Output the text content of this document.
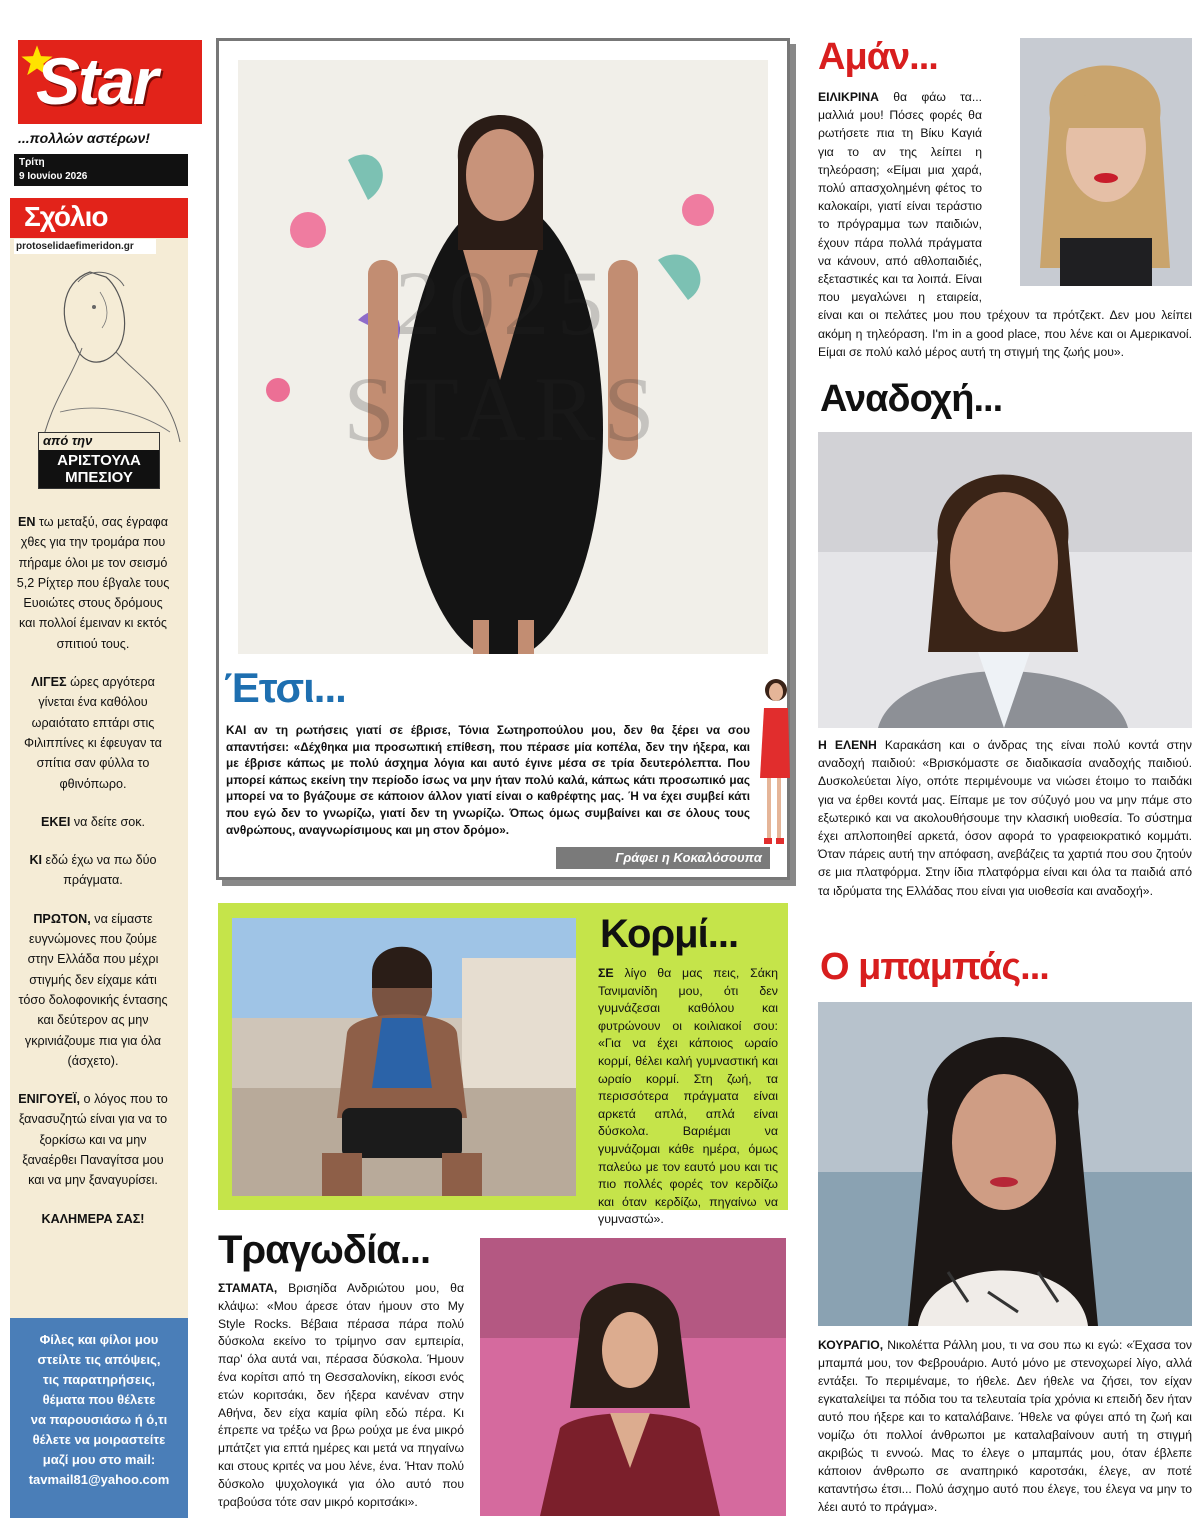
Star
...πολλών αστέρων!
Τρίτη
9 Ιουνίου 2026
Σχόλιο
protoselidaefimeridon.gr
από την
ΑΡΙΣΤΟΥΛΑ
ΜΠΕΣΙΟΥ

ΕΝ τω μεταξύ, σας έγραφα χθες για την τρομάρα που πήραμε όλοι με τον σεισμό 5,2 Ρίχτερ που έβγαλε τους Ευοιώτες στους δρόμους και πολλοί έμειναν κι εκτός σπιτιού τους.

ΛΙΓΕΣ ώρες αργότερα γίνεται ένα καθόλου ωραιότατο επτάρι στις Φιλιππίνες κι έφευγαν τα σπίτια σαν φύλλα το φθινόπωρο.

ΕΚΕΙ να δείτε σοκ.

ΚΙ εδώ έχω να πω δύο πράγματα.

ΠΡΩΤΟΝ, να είμαστε ευγνώμονες που ζούμε στην Ελλάδα που μέχρι στιγμής δεν είχαμε κάτι τόσο δολοφονικής έντασης και δεύτερον ας μην γκρινιάζουμε πια για όλα (άσχετο).

ΕΝΙΓΟΥΕΪ, ο λόγος που το ξανασυζητώ είναι για να το ξορκίσω και να μην ξαναέρθει Παναγίτσα μου και να μην ξαναγυρίσει.

ΚΑΛΗΜΕΡΑ ΣΑΣ!

Φίλες και φίλοι μου
στείλτε τις απόψεις,
τις παρατηρήσεις,
θέματα που θέλετε
να παρουσιάσω ή ό,τι
θέλετε να μοιραστείτε
μαζί μου στο mail:
tavmail81@yahoo.com
2025 STARS
Έτσι...
ΚΑΙ αν τη ρωτήσεις γιατί σε έβρισε, Τόνια Σωτηροπούλου μου, δεν θα ξέρει να σου απαντήσει: «Δέχθηκα μια προσωπική επίθεση, που πέρασε μία κοπέλα, δεν την ήξερα, και με έβρισε κάπως με πολύ άσχημα λόγια και αυτό έγινε μέσα σε τρία δευτερόλεπτα. Που μπορεί κάπως εκείνη την περίοδο ίσως να μην ήταν πολύ καλά, κάπως κάτι προσωπικό μας μπορεί να το βγάζουμε σε κάποιον άλλον γιατί είναι ο καθρέφτης μας. Ή να έχει συμβεί κάτι που εγώ δεν το γνωρίζω, γιατί δεν τη γνωρίζω. Όπως όμως συμβαίνει και σε όλους τους ανθρώπους, αναγνωρίσιμους και μη στον δρόμο».
Γράφει η Κοκαλόσουπα
Κορμί...
ΣΕ λίγο θα μας πεις, Σάκη Τανιμανίδη μου, ότι δεν γυμνάζεσαι καθόλου και φυτρώνουν οι κοιλιακοί σου: «Για να έχει κάποιος ωραίο κορμί, θέλει καλή γυμναστική και ωραίο κορμί. Στη ζωή, τα περισσότερα πράγματα είναι αρκετά απλά, απλά είναι δύσκολα. Βαριέμαι να γυμνάζομαι κάθε ημέρα, όμως παλεύω με τον εαυτό μου και τις πιο πολλές φορές τον κερδίζω και όταν κερδίζω, πηγαίνω να γυμναστώ».
Τραγωδία...
ΣΤΑΜΑΤΑ, Βρισηίδα Ανδριώτου μου, θα κλάψω: «Μου άρεσε όταν ήμουν στο My Style Rocks. Βέβαια πέρασα πάρα πολύ δύσκολα εκείνο το τρίμηνο σαν εμπειρία, παρ' όλα αυτά ναι, πέρασα δύσκολα. Ήμουν ένα κορίτσι από τη Θεσσαλονίκη, είκοσι ενός ετών κοριτσάκι, δεν ήξερα κανέναν στην Αθήνα, δεν είχα καμία φίλη εδώ πέρα. Κι έπρεπε να τρέξω να βρω ρούχα με ένα μικρό μπάτζετ για επτά ημέρες και μετά να πηγαίνω και στους κριτές να μου λένε, ένα. Ήταν πολύ δύσκολο ψυχολογικά για όλο αυτό που τραβούσα τότε σαν μικρό κοριτσάκι».
Αμάν...
ΕΙΛΙΚΡΙΝΑ θα φάω τα... μαλλιά μου! Πόσες φορές θα ρωτήσετε πια τη Βίκυ Καγιά για το αν της λείπει η τηλεόραση; «Είμαι μια χαρά, πολύ απασχολημένη φέτος το καλοκαίρι, γιατί είναι τεράστιο το πρόγραμμα των παιδιών, έχουν πάρα πολλά πράγματα να κάνουν, από αθλοπαιδιές, εξεταστικές και τα λοιπά. Είναι που μεγαλώνει η εταιρεία, είναι και οι πελάτες μου που τρέχουν τα πρότζεκτ. Δεν μου λείπει ακόμη η τηλεόραση. I'm in a good place, που λένε και οι Αμερικανοί. Είμαι σε πολύ καλό μέρος αυτή τη στιγμή της ζωής μου».
Αναδοχή...
Η ΕΛΕΝΗ Καρακάση και ο άνδρας της είναι πολύ κοντά στην αναδοχή παιδιού: «Βρισκόμαστε σε διαδικασία αναδοχής παιδιού. Δυσκολεύεται λίγο, οπότε περιμένουμε να νιώσει έτοιμο το παιδάκι για να έρθει κοντά μας. Είπαμε με τον σύζυγό μου να μην πάμε στο εξωτερικό και να ακολουθήσουμε την κλασική υιοθεσία. Το σύστημα έχει απλοποιηθεί αρκετά, όσον αφορά το γραφειοκρατικό κομμάτι. Όταν πάρεις αυτή την απόφαση, ανεβάζεις τα χαρτιά που σου ζητούν σε μια πλατφόρμα. Στην ίδια πλατφόρμα είναι και όλα τα παιδιά από τα ιδρύματα της Ελλάδας που είναι για υιοθεσία και αναδοχή».
Ο μπαμπάς...
ΚΟΥΡΑΓΙΟ, Νικολέττα Ράλλη μου, τι να σου πω κι εγώ: «Έχασα τον μπαμπά μου, τον Φεβρουάριο. Αυτό μόνο με στενοχωρεί λίγο, αλλά εντάξει. Το περιμέναμε, το ήθελε. Δεν ήθελε να ζήσει, τον είχαν εγκαταλείψει τα πόδια του τα τελευταία τρία χρόνια κι επειδή δεν ήταν αυτό που ήξερε και το καταλάβαινε. Ήθελε να φύγει από τη ζωή και νομίζω ότι πολλοί άνθρωποι με καταλαβαίνουν αυτή τη στιγμή ακριβώς τι εννοώ. Μας το έλεγε ο μπαμπάς μου, όταν έβλεπε κάποιον άνθρωπο σε αναπηρικό καροτσάκι, έλεγε, αν ποτέ καταντήσω έτσι... Πολύ άσχημο αυτό που έλεγε, του έλεγα να μην το λέει αυτό το πράγμα».
